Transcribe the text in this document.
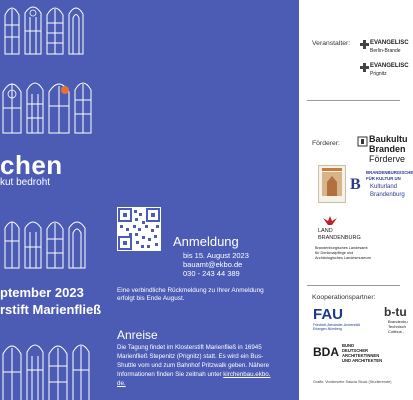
chen
kut bedroht
ptember 2023
rstift Marienfließ
Anmeldung
bis 15. August 2023
bauamt@ekbo.de
030 - 243 44 389
Eine verbindliche Rückmeldung zu Ihrer Anmeldung
erfolgt bis Ende August.
Anreise
Die Tagung findet im Klosterstift Marienfließ in 16945
Marienfließ Stepenitz (Prignitz) statt. Es wird ein Bus-
Shuttle vom und zum Bahnhof Pritzwalk geben. Nähere
Informationen finden Sie zeitnah unter kirchenbau.ekbo.
de.
Veranstalter:	EVANGELISC
Berlin-Brande
EVANGELISC
Prignitz
Förderer:	Baukultu
Branden
Förderve
B
BRANDENBURGISCHE
FÜR KULTUR UN
Kulturland
Brandenburg
LAND
BRANDENBURG
Brandenburgisches Landesamt
für Denkmalpflege und
Archäologisches Landesmuseum
Kooperationspartner:
FAU
Friedrich-Alexander-Universität
Erlangen-Nürnberg
b-tu
Brandenbu
Technisch
Cottbus -
BDA BUND
DEUTSCHER
ARCHITEKTINNEN
UND ARCHITEKTEN
Grafik: Vorderseite Sascia Stock (Studierende)
